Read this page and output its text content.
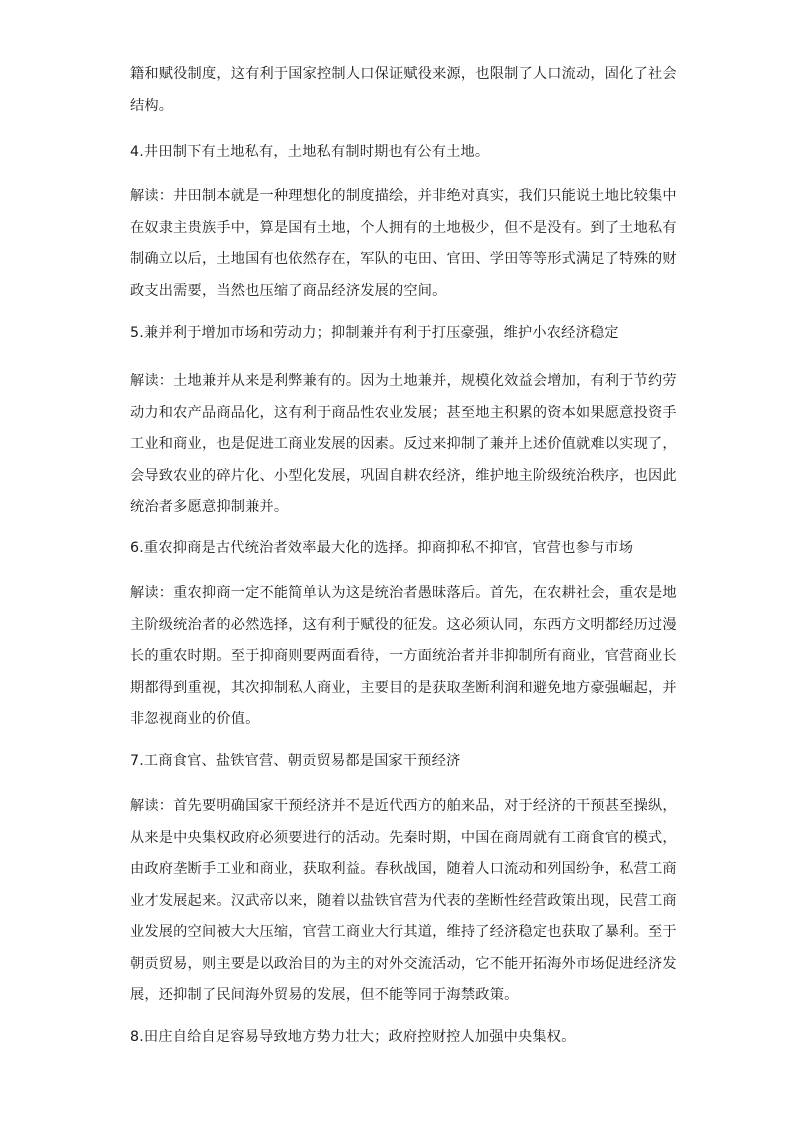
籍和赋役制度，这有利于国家控制人口保证赋役来源，也限制了人口流动，固化了社会
结构。

4.井田制下有土地私有，土地私有制时期也有公有土地。

解读：井田制本就是一种理想化的制度描绘，并非绝对真实，我们只能说土地比较集中
在奴隶主贵族手中，算是国有土地，个人拥有的土地极少，但不是没有。到了土地私有
制确立以后，土地国有也依然存在，军队的屯田、官田、学田等等形式满足了特殊的财
政支出需要，当然也压缩了商品经济发展的空间。

5.兼并利于增加市场和劳动力；抑制兼并有利于打压豪强，维护小农经济稳定

解读：土地兼并从来是利弊兼有的。因为土地兼并，规模化效益会增加，有利于节约劳
动力和农产品商品化，这有利于商品性农业发展；甚至地主积累的资本如果愿意投资手
工业和商业，也是促进工商业发展的因素。反过来抑制了兼并上述价值就难以实现了，
会导致农业的碎片化、小型化发展，巩固自耕农经济，维护地主阶级统治秩序，也因此
统治者多愿意抑制兼并。

6.重农抑商是古代统治者效率最大化的选择。抑商抑私不抑官，官营也参与市场

解读：重农抑商一定不能简单认为这是统治者愚昧落后。首先，在农耕社会，重农是地
主阶级统治者的必然选择，这有利于赋役的征发。这必须认同，东西方文明都经历过漫
长的重农时期。至于抑商则要两面看待，一方面统治者并非抑制所有商业，官营商业长
期都得到重视，其次抑制私人商业，主要目的是获取垄断利润和避免地方豪强崛起，并
非忽视商业的价值。

7.工商食官、盐铁官营、朝贡贸易都是国家干预经济

解读：首先要明确国家干预经济并不是近代西方的舶来品，对于经济的干预甚至操纵，
从来是中央集权政府必须要进行的活动。先秦时期，中国在商周就有工商食官的模式，
由政府垄断手工业和商业，获取利益。春秋战国，随着人口流动和列国纷争，私营工商
业才发展起来。汉武帝以来，随着以盐铁官营为代表的垄断性经营政策出现，民营工商
业发展的空间被大大压缩，官营工商业大行其道，维持了经济稳定也获取了暴利。至于
朝贡贸易，则主要是以政治目的为主的对外交流活动，它不能开拓海外市场促进经济发
展，还抑制了民间海外贸易的发展，但不能等同于海禁政策。

8.田庄自给自足容易导致地方势力壮大；政府控财控人加强中央集权。
